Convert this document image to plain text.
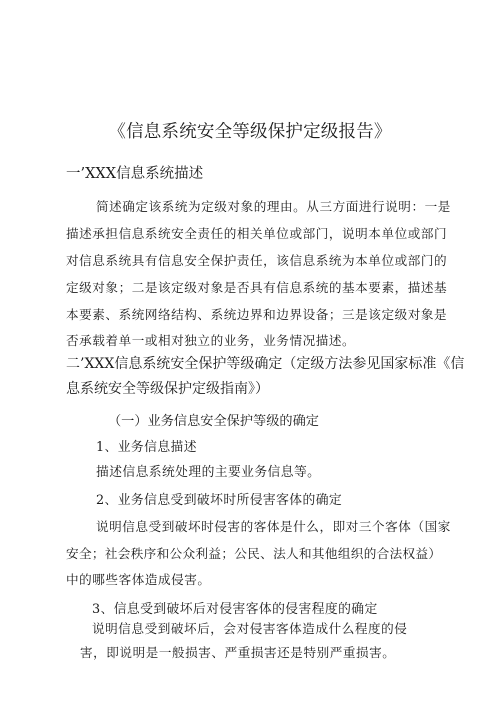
《信息系统安全等级保护定级报告》

一’XXX信息系统描述

简述确定该系统为定级对象的理由。从三方面进行说明：一是

描述承担信息系统安全责任的相关单位或部门，说明本单位或部门

对信息系统具有信息安全保护责任，该信息系统为本单位或部门的

定级对象；二是该定级对象是否具有信息系统的基本要素，描述基

本要素、系统网络结构、系统边界和边界设备；三是该定级对象是

否承载着单一或相对独立的业务，业务情况描述。

二’XXX信息系统安全保护等级确定（定级方法参见国家标准《信

息系统安全等级保护定级指南》）

（一）业务信息安全保护等级的确定

1、业务信息描述

描述信息系统处理的主要业务信息等。

2、业务信息受到破坏时所侵害客体的确定

说明信息受到破坏时侵害的客体是什么，即对三个客体（国家

安全；社会秩序和公众利益；公民、法人和其他组织的合法权益）

中的哪些客体造成侵害。

3、信息受到破坏后对侵害客体的侵害程度的确定

说明信息受到破坏后，会对侵害客体造成什么程度的侵

害，即说明是一般损害、严重损害还是特别严重损害。
